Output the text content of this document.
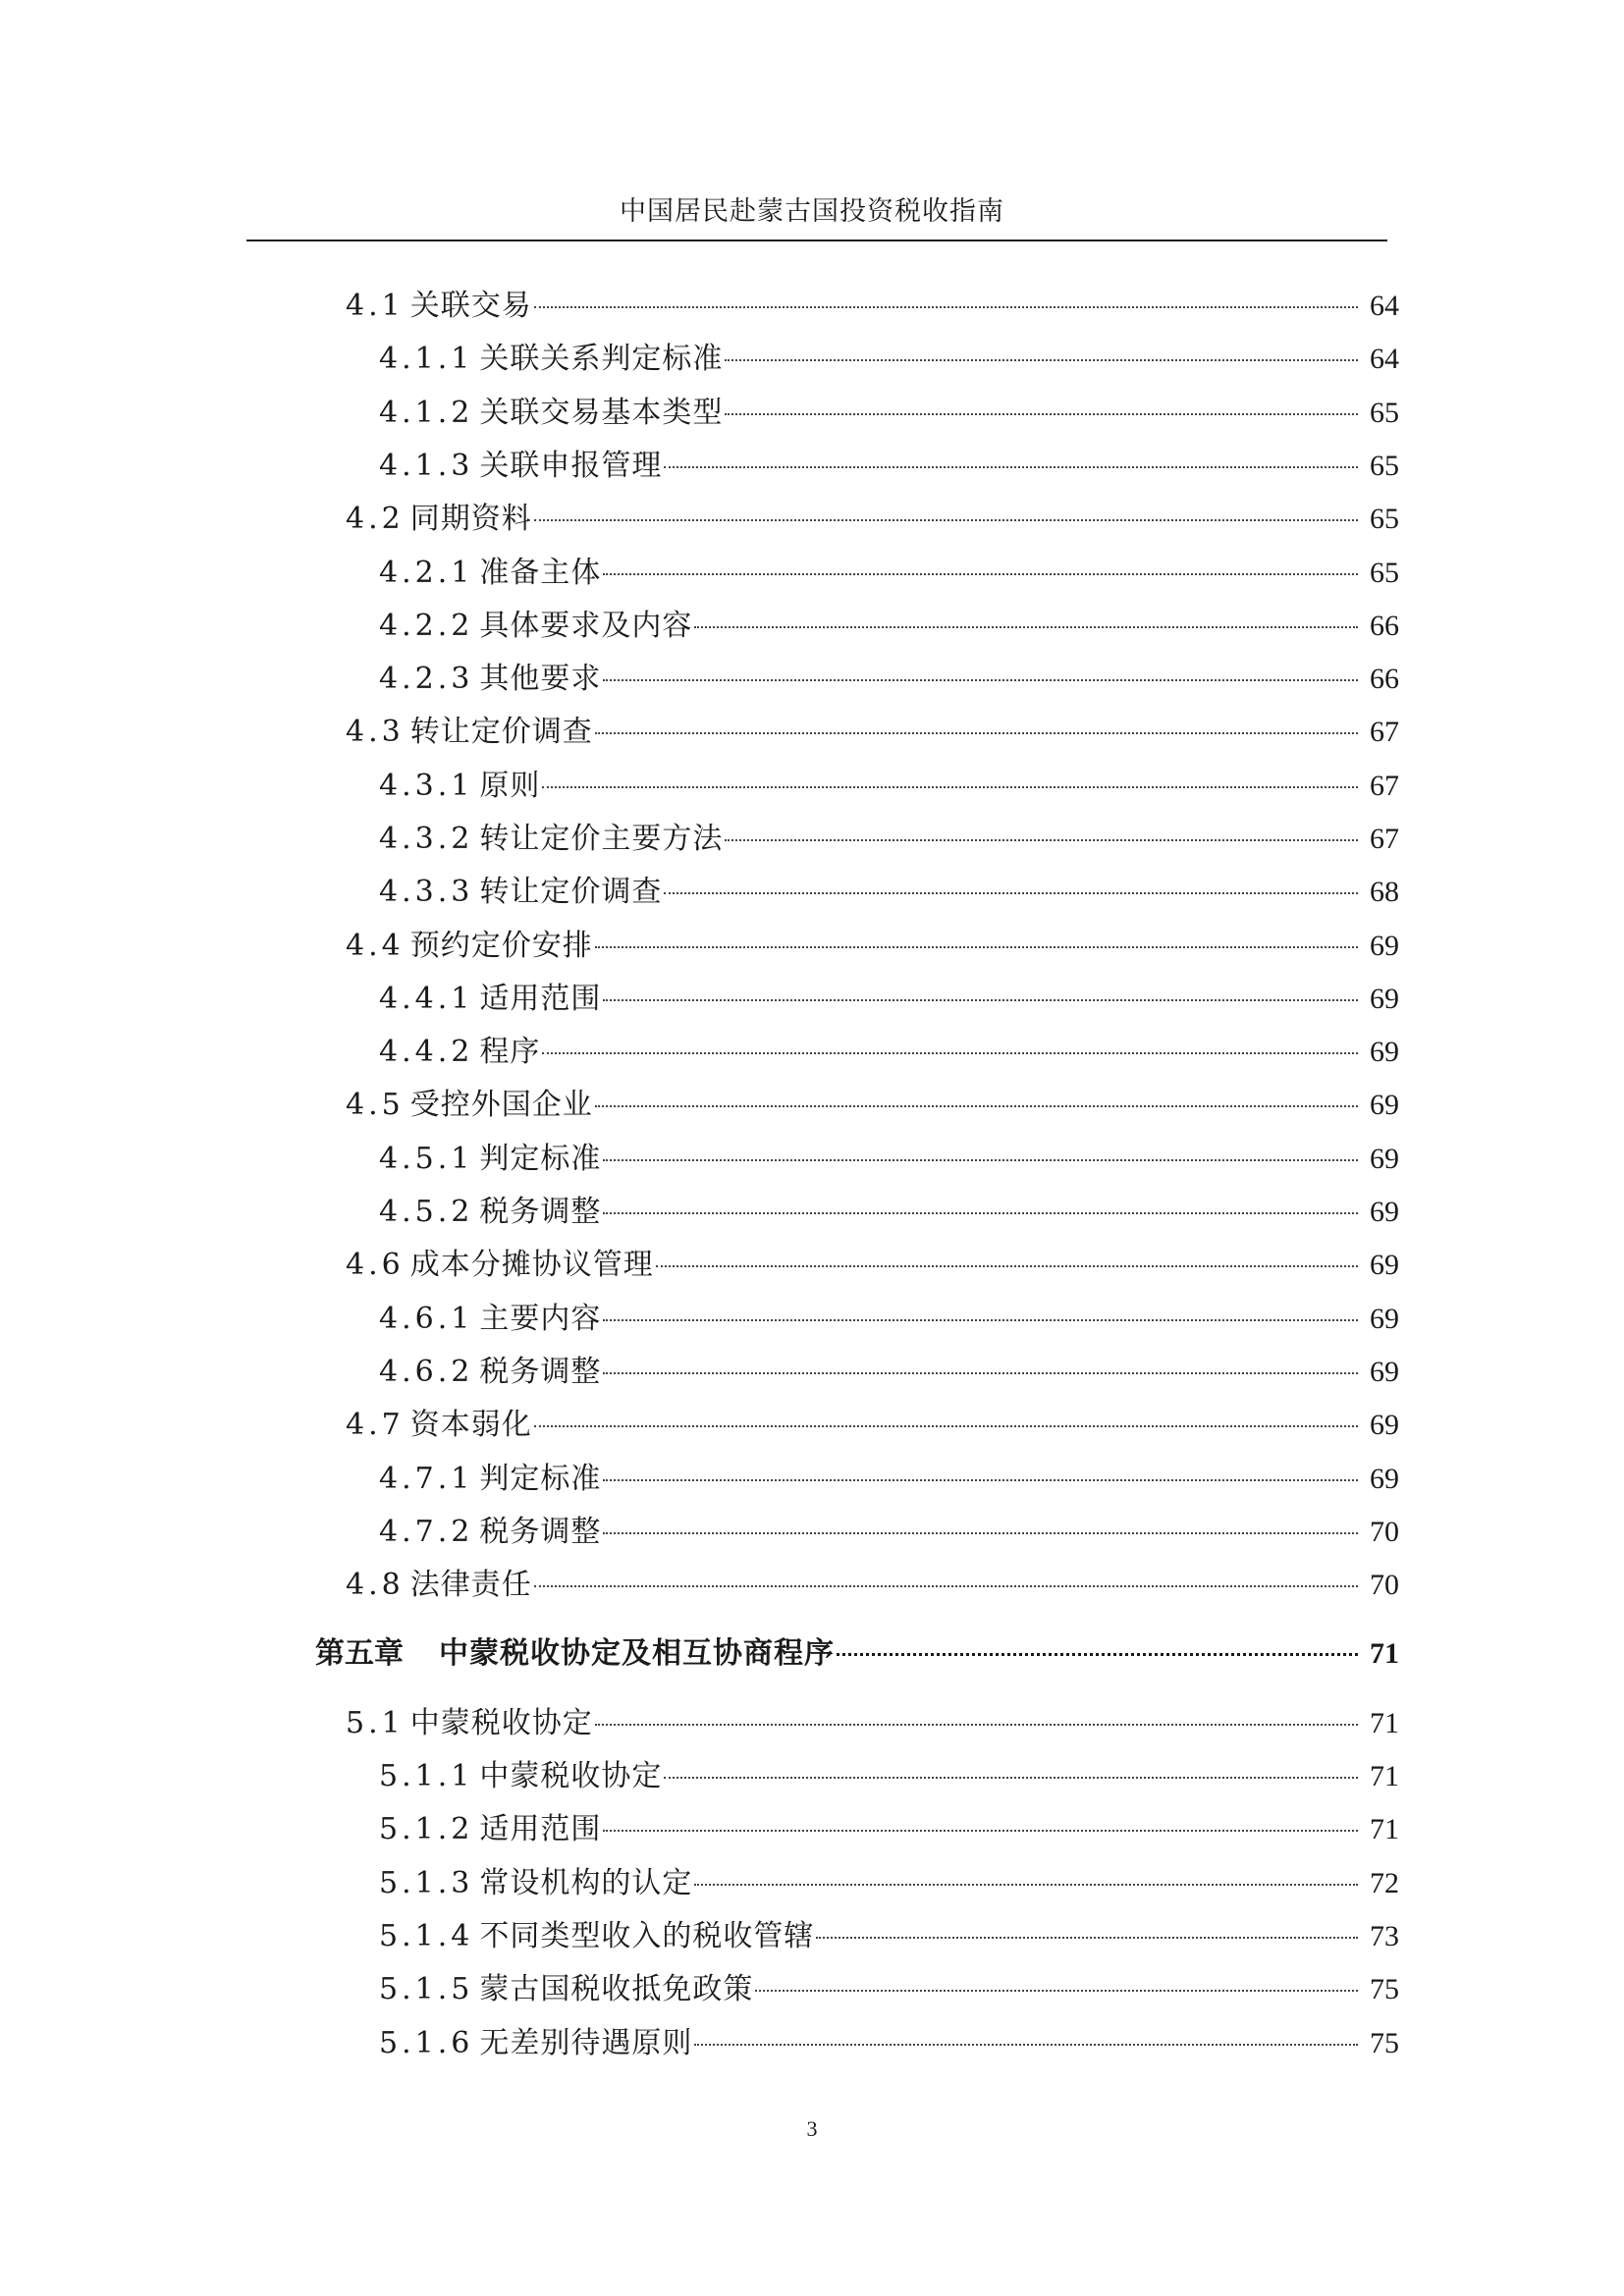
中国居民赴蒙古国投资税收指南
4.1 关联交易	64
4.1.1 关联关系判定标准	64
4.1.2 关联交易基本类型	65
4.1.3 关联申报管理	65
4.2 同期资料	65
4.2.1 准备主体	65
4.2.2 具体要求及内容	66
4.2.3 其他要求	66
4.3 转让定价调查	67
4.3.1 原则	67
4.3.2 转让定价主要方法	67
4.3.3 转让定价调查	68
4.4 预约定价安排	69
4.4.1 适用范围	69
4.4.2 程序	69
4.5 受控外国企业	69
4.5.1 判定标准	69
4.5.2 税务调整	69
4.6 成本分摊协议管理	69
4.6.1 主要内容	69
4.6.2 税务调整	69
4.7 资本弱化	69
4.7.1 判定标准	69
4.7.2 税务调整	70
4.8 法律责任	70
第五章 中蒙税收协定及相互协商程序	71
5.1 中蒙税收协定	71
5.1.1 中蒙税收协定	71
5.1.2 适用范围	71
5.1.3 常设机构的认定	72
5.1.4 不同类型收入的税收管辖	73
5.1.5 蒙古国税收抵免政策	75
5.1.6 无差别待遇原则	75
3
